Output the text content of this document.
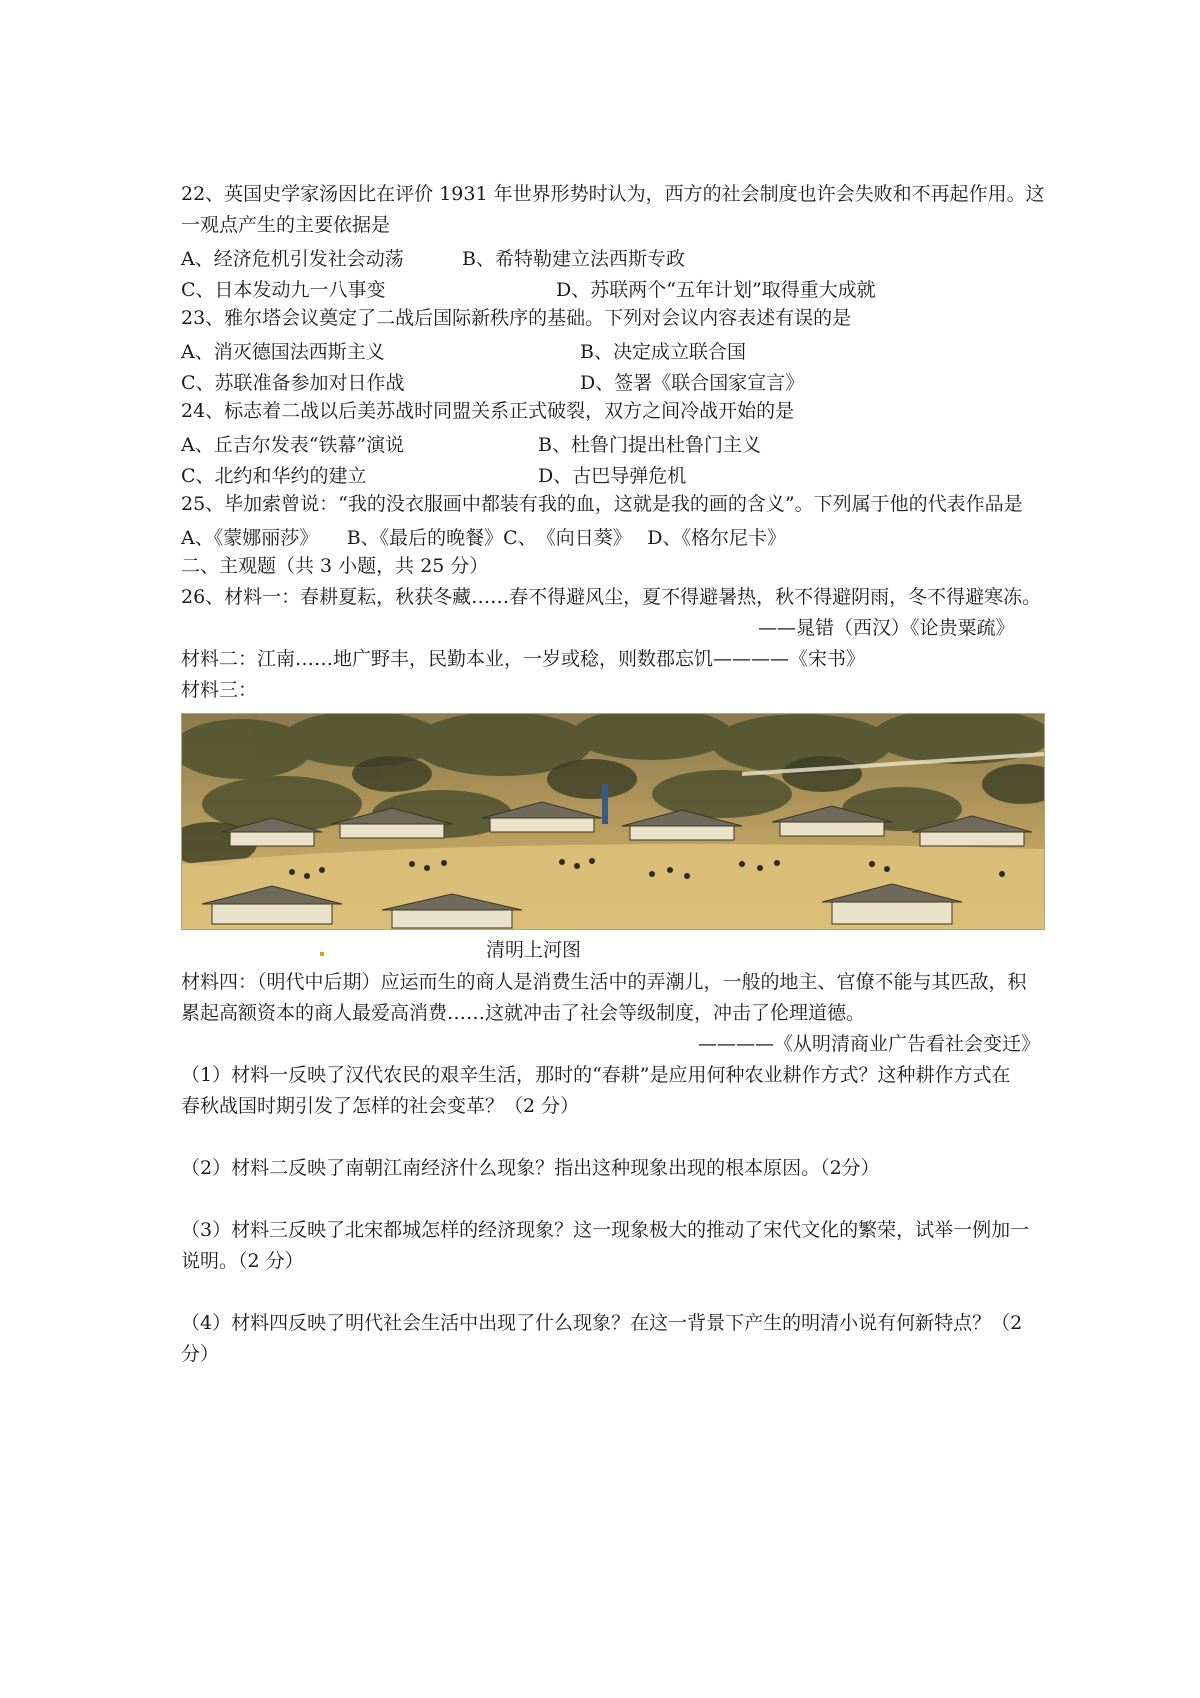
22、英国史学家汤因比在评价 1931 年世界形势时认为，西方的社会制度也许会失败和不再起作用。这
一观点产生的主要依据是
A、经济危机引发社会动荡	B、希特勒建立法西斯专政
C、日本发动九一八事变	D、苏联两个“五年计划”取得重大成就
23、雅尔塔会议奠定了二战后国际新秩序的基础。下列对会议内容表述有误的是
A、消灭德国法西斯主义	B、决定成立联合国
C、苏联准备参加对日作战	D、签署《联合国家宣言》
24、标志着二战以后美苏战时同盟关系正式破裂，双方之间冷战开始的是
A、丘吉尔发表“铁幕”演说	B、杜鲁门提出杜鲁门主义
C、北约和华约的建立	D、古巴导弹危机
25、毕加索曾说：“我的没衣服画中都装有我的血，这就是我的画的含义”。下列属于他的代表作品是
A、《蒙娜丽莎》　　B、《最后的晚餐》C、　《向日葵》　 D、《格尔尼卡》
二、主观题（共 3 小题，共 25 分）
26、材料一：春耕夏耘，秋获冬藏……春不得避风尘，夏不得避暑热，秋不得避阴雨，冬不得避寒冻。
——晁错（西汉）《论贵粟疏》
材料二：江南……地广野丰，民勤本业，一岁或稔，则数郡忘饥————《宋书》
材料三：
清明上河图
材料四：（明代中后期）应运而生的商人是消费生活中的弄潮儿，一般的地主、官僚不能与其匹敌，积
累起高额资本的商人最爱高消费……这就冲击了社会等级制度，冲击了伦理道德。
————《从明清商业广告看社会变迁》
（1）材料一反映了汉代农民的艰辛生活，那时的“春耕”是应用何种农业耕作方式？这种耕作方式在
春秋战国时期引发了怎样的社会变革？（2 分）
（2）材料二反映了南朝江南经济什么现象？指出这种现象出现的根本原因。（2分）
（3）材料三反映了北宋都城怎样的经济现象？这一现象极大的推动了宋代文化的繁荣，试举一例加一
说明。（2 分）
（4）材料四反映了明代社会生活中出现了什么现象？在这一背景下产生的明清小说有何新特点？（2
分）
